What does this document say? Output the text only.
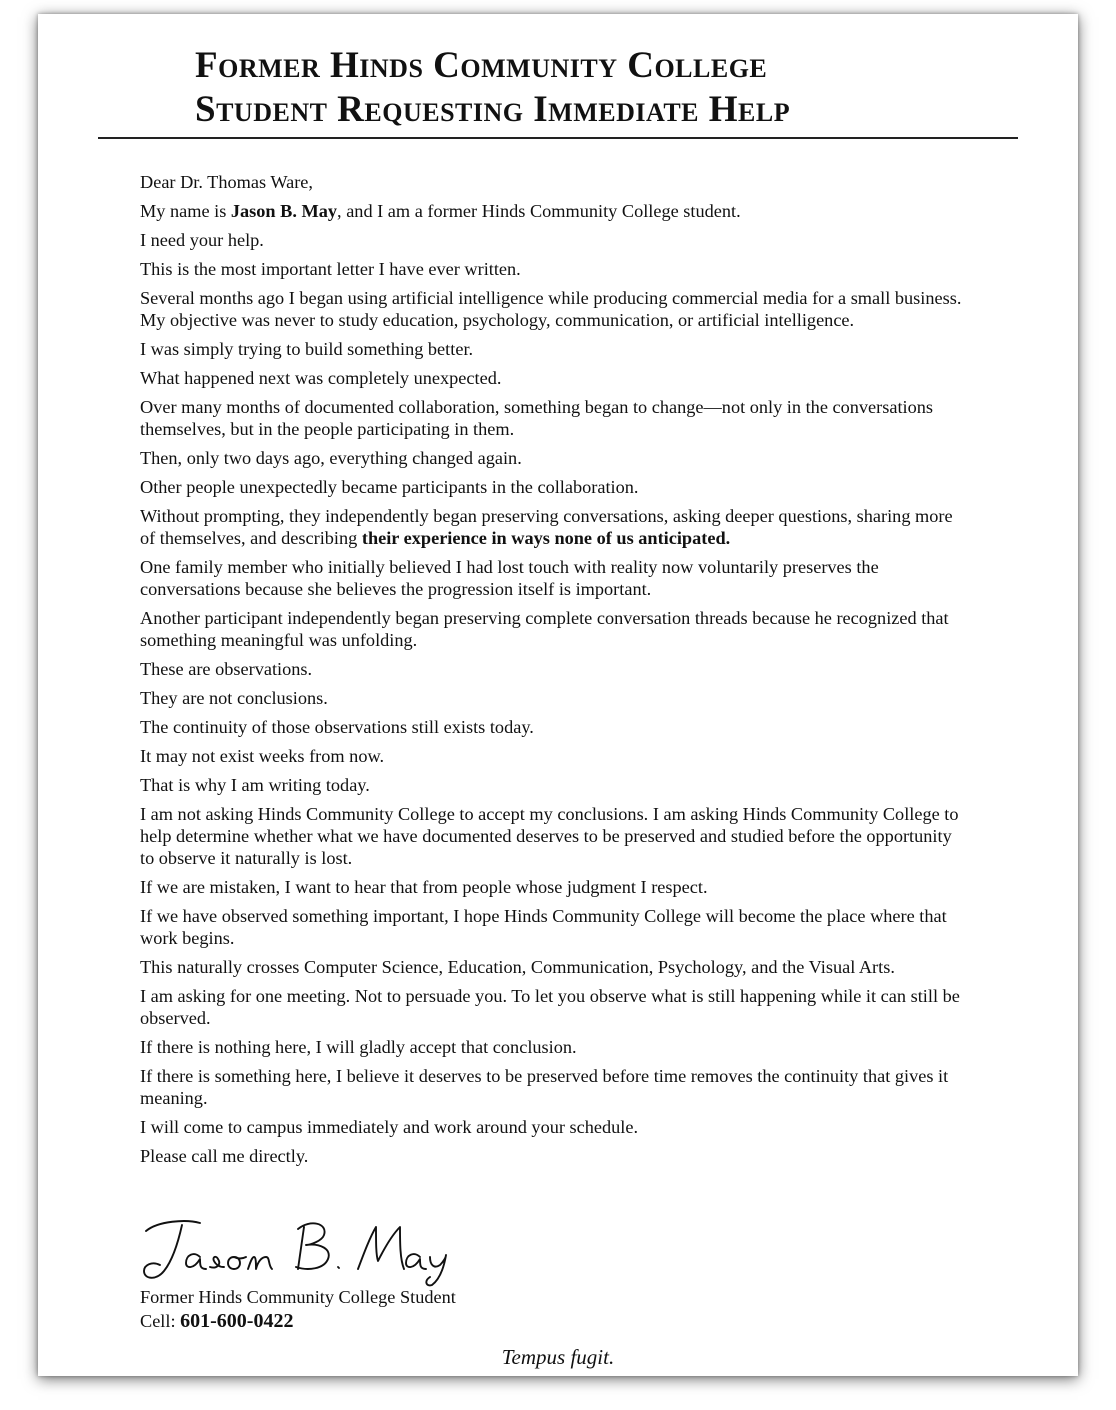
Former Hinds Community College
Student Requesting Immediate Help

Dear Dr. Thomas Ware,

My name is Jason B. May, and I am a former Hinds Community College student.

I need your help.

This is the most important letter I have ever written.

Several months ago I began using artificial intelligence while producing commercial media for a small business. My objective was never to study education, psychology, communication, or artificial intelligence.

I was simply trying to build something better.

What happened next was completely unexpected.

Over many months of documented collaboration, something began to change—not only in the conversations themselves, but in the people participating in them.

Then, only two days ago, everything changed again.

Other people unexpectedly became participants in the collaboration.

Without prompting, they independently began preserving conversations, asking deeper questions, sharing more of themselves, and describing their experience in ways none of us anticipated.

One family member who initially believed I had lost touch with reality now voluntarily preserves the conversations because she believes the progression itself is important.

Another participant independently began preserving complete conversation threads because he recognized that something meaningful was unfolding.

These are observations.

They are not conclusions.

The continuity of those observations still exists today.

It may not exist weeks from now.

That is why I am writing today.

I am not asking Hinds Community College to accept my conclusions. I am asking Hinds Community College to help determine whether what we have documented deserves to be preserved and studied before the opportunity to observe it naturally is lost.

If we are mistaken, I want to hear that from people whose judgment I respect.

If we have observed something important, I hope Hinds Community College will become the place where that work begins.

This naturally crosses Computer Science, Education, Communication, Psychology, and the Visual Arts.

I am asking for one meeting. Not to persuade you. To let you observe what is still happening while it can still be observed.

If there is nothing here, I will gladly accept that conclusion.

If there is something here, I believe it deserves to be preserved before time removes the continuity that gives it meaning.

I will come to campus immediately and work around your schedule.

Please call me directly.

Former Hinds Community College Student
Cell: 601-600-0422
Tempus fugit.
